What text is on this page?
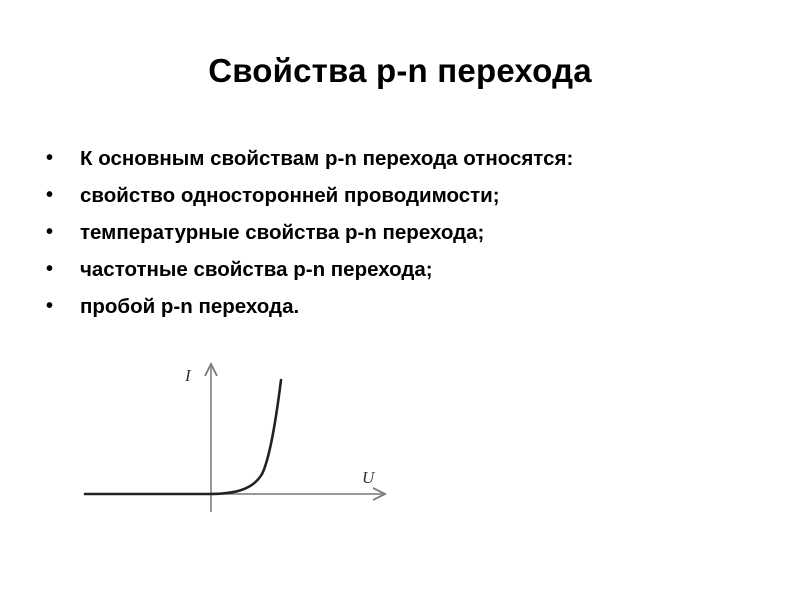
Свойства p-n перехода
• К основным свойствам p-n перехода относятся:
• свойство односторонней проводимости;
• температурные свойства p-n перехода;
• частотные свойства p-n перехода;
• пробой p-n перехода.
I
U
